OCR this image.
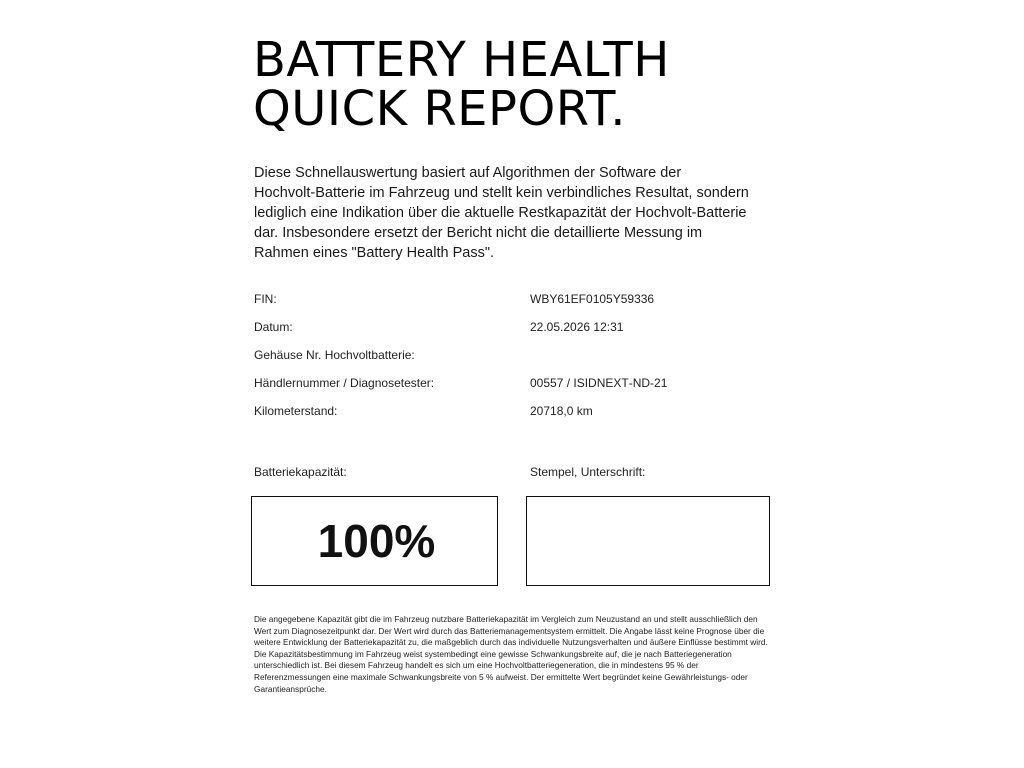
BATTERY HEALTH
QUICK REPORT.

Diese Schnellauswertung basiert auf Algorithmen der Software der Hochvolt‑Batterie im Fahrzeug und stellt kein verbindliches Resultat, sondern lediglich eine Indikation über die aktuelle Restkapazität der Hochvolt‑Batterie dar. Insbesondere ersetzt der Bericht nicht die detaillierte Messung im Rahmen eines "Battery Health Pass".

FIN:	WBY61EF0105Y59336
Datum:	22.05.2026 12:31
Gehäuse Nr. Hochvoltbatterie:
Händlernummer / Diagnosetester:	00557 / ISIDNEXT‑ND‑21
Kilometerstand:	20718,0 km
Batteriekapazität:	Stempel, Unterschrift:
100%

Die angegebene Kapazität gibt die im Fahrzeug nutzbare Batteriekapazität im Vergleich zum Neuzustand an und stellt ausschließlich den Wert zum Diagnosezeitpunkt dar. Der Wert wird durch das Batteriemanagementsystem ermittelt. Die Angabe lässt keine Prognose über die weitere Entwicklung der Batteriekapazität zu, die maßgeblich durch das individuelle Nutzungsverhalten und äußere Einflüsse bestimmt wird. Die Kapazitätsbestimmung im Fahrzeug weist systembedingt eine gewisse Schwankungsbreite auf, die je nach Batteriegeneration unterschiedlich ist. Bei diesem Fahrzeug handelt es sich um eine Hochvoltbatteriegeneration, die in mindestens 95 % der Referenzmessungen eine maximale Schwankungsbreite von 5 % aufweist. Der ermittelte Wert begründet keine Gewährleistungs‑ oder Garantieansprüche.
